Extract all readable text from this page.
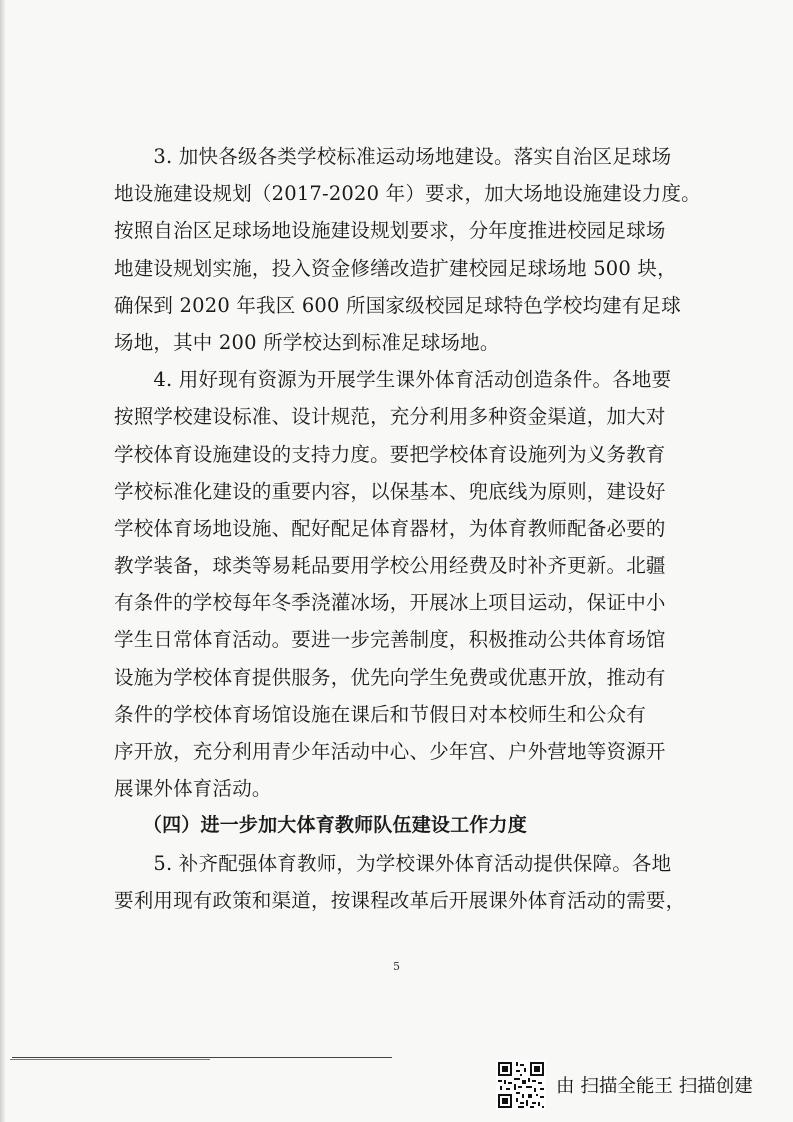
　　3. 加快各级各类学校标准运动场地建设。落实自治区足球场
地设施建设规划（2017-2020 年）要求，加大场地设施建设力度。
按照自治区足球场地设施建设规划要求，分年度推进校园足球场
地建设规划实施，投入资金修缮改造扩建校园足球场地 500 块，
确保到 2020 年我区 600 所国家级校园足球特色学校均建有足球
场地，其中 200 所学校达到标准足球场地。
　　4. 用好现有资源为开展学生课外体育活动创造条件。各地要
按照学校建设标准、设计规范，充分利用多种资金渠道，加大对
学校体育设施建设的支持力度。要把学校体育设施列为义务教育
学校标准化建设的重要内容，以保基本、兜底线为原则，建设好
学校体育场地设施、配好配足体育器材，为体育教师配备必要的
教学装备，球类等易耗品要用学校公用经费及时补齐更新。北疆
有条件的学校每年冬季浇灌冰场，开展冰上项目运动，保证中小
学生日常体育活动。要进一步完善制度，积极推动公共体育场馆
设施为学校体育提供服务，优先向学生免费或优惠开放，推动有
条件的学校体育场馆设施在课后和节假日对本校师生和公众有
序开放，充分利用青少年活动中心、少年宫、户外营地等资源开
展课外体育活动。
　　（四）进一步加大体育教师队伍建设工作力度
　　5. 补齐配强体育教师，为学校课外体育活动提供保障。各地
要利用现有政策和渠道，按课程改革后开展课外体育活动的需要，
5
由 扫描全能王 扫描创建
